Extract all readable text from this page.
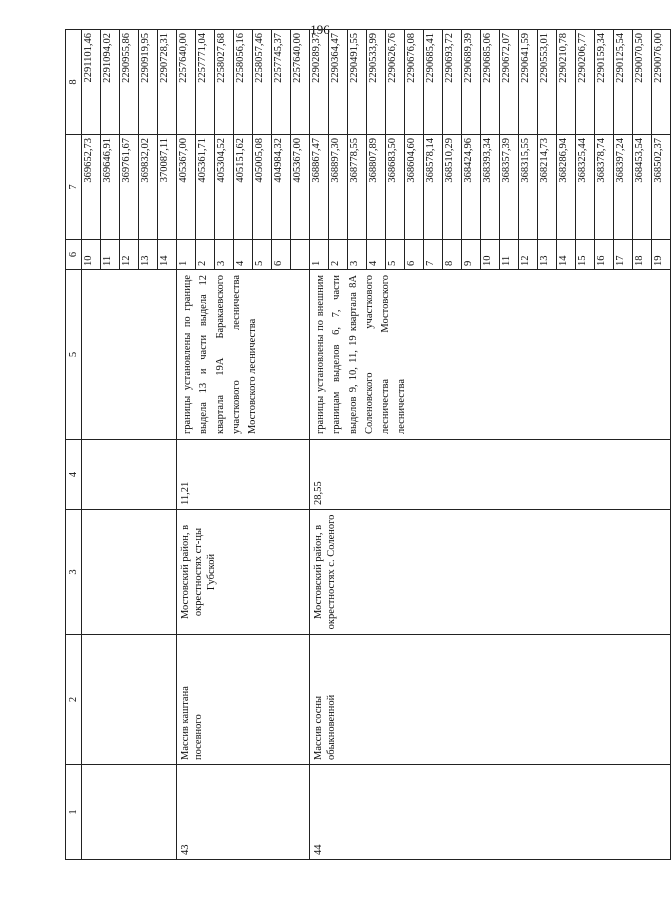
196
1	2	3	4	5	6	7	8
					10	369652,73	2291101,46
					11	369646,91	2291094,02
					12	369761,67	2290955,86
					13	369832,02	2290919,95
					14	370087,11	2290728,31
43	Массив каштана посевного	Мостовский район, в окрестностях ст-цы Губской	11,21	границы установлены по границе выдела 13 и части выдела 12 квартала 19А Баракаевского участкового лесничества Мостовского лесничества	1	405367,00	2257640,00
					2	405361,71	2257771,04
					3	405304,52	2258027,68
					4	405151,62	2258056,16
					5	405005,08	2258057,46
					6	404984,32	2257745,37
						405367,00	2257640,00
44	Массив сосны обыкновенной	Мостовский район, в окрестностях с. Соленого	28,55	границы установлены по внешним границам выделов 6, 7, части выделов 9, 10, 11, 19 квартала 8А Соленовского участкового лесничества Мостовского лесничества	1	368867,47	2290289,37
					2	368897,30	2290364,47
					3	368778,55	2290491,55
					4	368807,89	2290533,99
					5	368683,50	2290626,76
					6	368604,60	2290676,08
					7	368578,14	2290685,41
					8	368510,29	2290693,72
					9	368424,96	2290689,39
					10	368393,34	2290685,06
					11	368357,39	2290672,07
					12	368315,55	2290641,59
					13	368214,73	2290553,01
					14	368286,94	2290210,78
					15	368325,44	2290206,77
					16	368378,74	2290159,34
					17	368397,24	2290125,54
					18	368453,54	2290070,50
					19	368502,37	2290076,00
